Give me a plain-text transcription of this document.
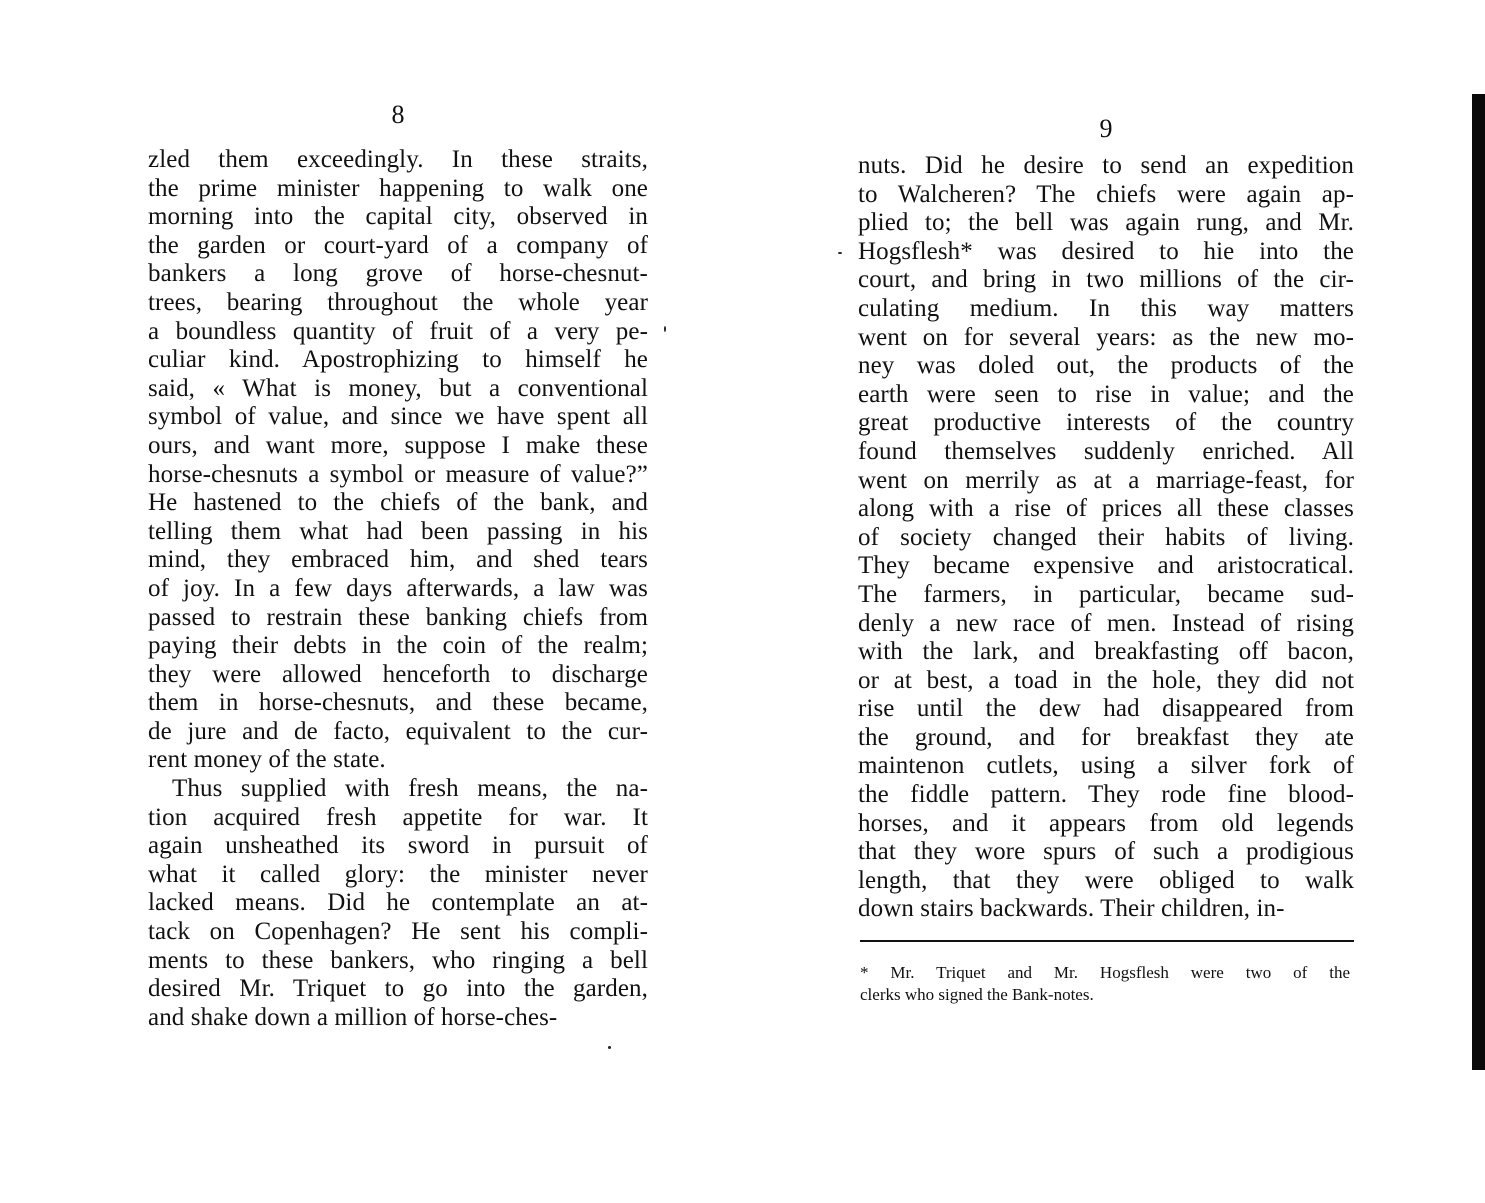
8
zled them exceedingly. In these straits,
the prime minister happening to walk one
morning into the capital city, observed in
the garden or court-yard of a company of
bankers a long grove of horse-chesnut-
trees, bearing throughout the whole year
a boundless quantity of fruit of a very pe-
culiar kind. Apostrophizing to himself he
said, « What is money, but a conventional
symbol of value, and since we have spent all
ours, and want more, suppose I make these
horse-chesnuts a symbol or measure of value?”
He hastened to the chiefs of the bank, and
telling them what had been passing in his
mind, they embraced him, and shed tears
of joy. In a few days afterwards, a law was
passed to restrain these banking chiefs from
paying their debts in the coin of the realm;
they were allowed henceforth to discharge
them in horse-chesnuts, and these became,
de jure and de facto, equivalent to the cur-
rent money of the state.
Thus supplied with fresh means, the na-
tion acquired fresh appetite for war. It
again unsheathed its sword in pursuit of
what it called glory: the minister never
lacked means. Did he contemplate an at-
tack on Copenhagen? He sent his compli-
ments to these bankers, who ringing a bell
desired Mr. Triquet to go into the garden,
and shake down a million of horse-ches-
9
nuts. Did he desire to send an expedition
to Walcheren? The chiefs were again ap-
plied to; the bell was again rung, and Mr.
Hogsflesh* was desired to hie into the
court, and bring in two millions of the cir-
culating medium. In this way matters
went on for several years: as the new mo-
ney was doled out, the products of the
earth were seen to rise in value; and the
great productive interests of the country
found themselves suddenly enriched. All
went on merrily as at a marriage-feast, for
along with a rise of prices all these classes
of society changed their habits of living.
They became expensive and aristocratical.
The farmers, in particular, became sud-
denly a new race of men. Instead of rising
with the lark, and breakfasting off bacon,
or at best, a toad in the hole, they did not
rise until the dew had disappeared from
the ground, and for breakfast they ate
maintenon cutlets, using a silver fork of
the fiddle pattern. They rode fine blood-
horses, and it appears from old legends
that they wore spurs of such a prodigious
length, that they were obliged to walk
down stairs backwards. Their children, in-
* Mr. Triquet and Mr. Hogsflesh were two of the
clerks who signed the Bank-notes.
